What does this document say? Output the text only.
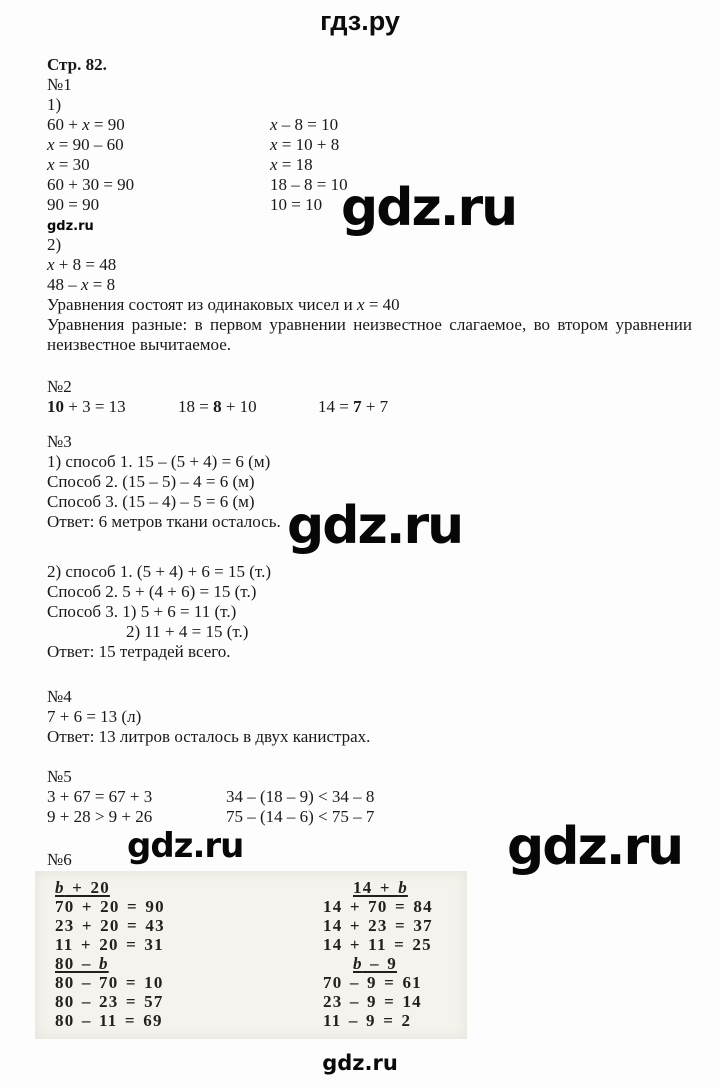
гдз.ру
Стр. 82.
№1
1)
60 + x = 90	x – 8 = 10
x = 90 – 60	x = 10 + 8
x = 30	x = 18
60 + 30 = 90	18 – 8 = 10
90 = 90	10 = 10
gdz.ru
2)
x + 8 = 48
48 – x = 8
Уравнения состоят из одинаковых чисел и x = 40
Уравнения разные: в первом уравнении неизвестное слагаемое, во втором уравнении
неизвестное вычитаемое.
№2
10 + 3 = 13	18 = 8 + 10	14 = 7 + 7
№3
1) способ 1. 15 – (5 + 4) = 6 (м)
Способ 2. (15 – 5) – 4 = 6 (м)
Способ 3. (15 – 4) – 5 = 6 (м)
Ответ: 6 метров ткани осталось.
2) способ 1. (5 + 4) + 6 = 15 (т.)
Способ 2. 5 + (4 + 6) = 15 (т.)
Способ 3. 1) 5 + 6 = 11 (т.)
2) 11 + 4 = 15 (т.)
Ответ: 15 тетрадей всего.
№4
7 + 6 = 13 (л)
Ответ: 13 литров осталось в двух канистрах.
№5
3 + 67 = 67 + 3	34 – (18 – 9) < 34 – 8
9 + 28 > 9 + 26	75 – (14 – 6) < 75 – 7
№6
b + 20
70 + 20 = 90
23 + 20 = 43
11 + 20 = 31
80 – b
80 – 70 = 10
80 – 23 = 57
80 – 11 = 69
14 + b
14 + 70 = 84
14 + 23 = 37
14 + 11 = 25
b – 9
70 – 9 = 61
23 – 9 = 14
11 – 9 = 2
gdz.ru
gdz.ru
gdz.ru	gdz.ru
gdz.ru
